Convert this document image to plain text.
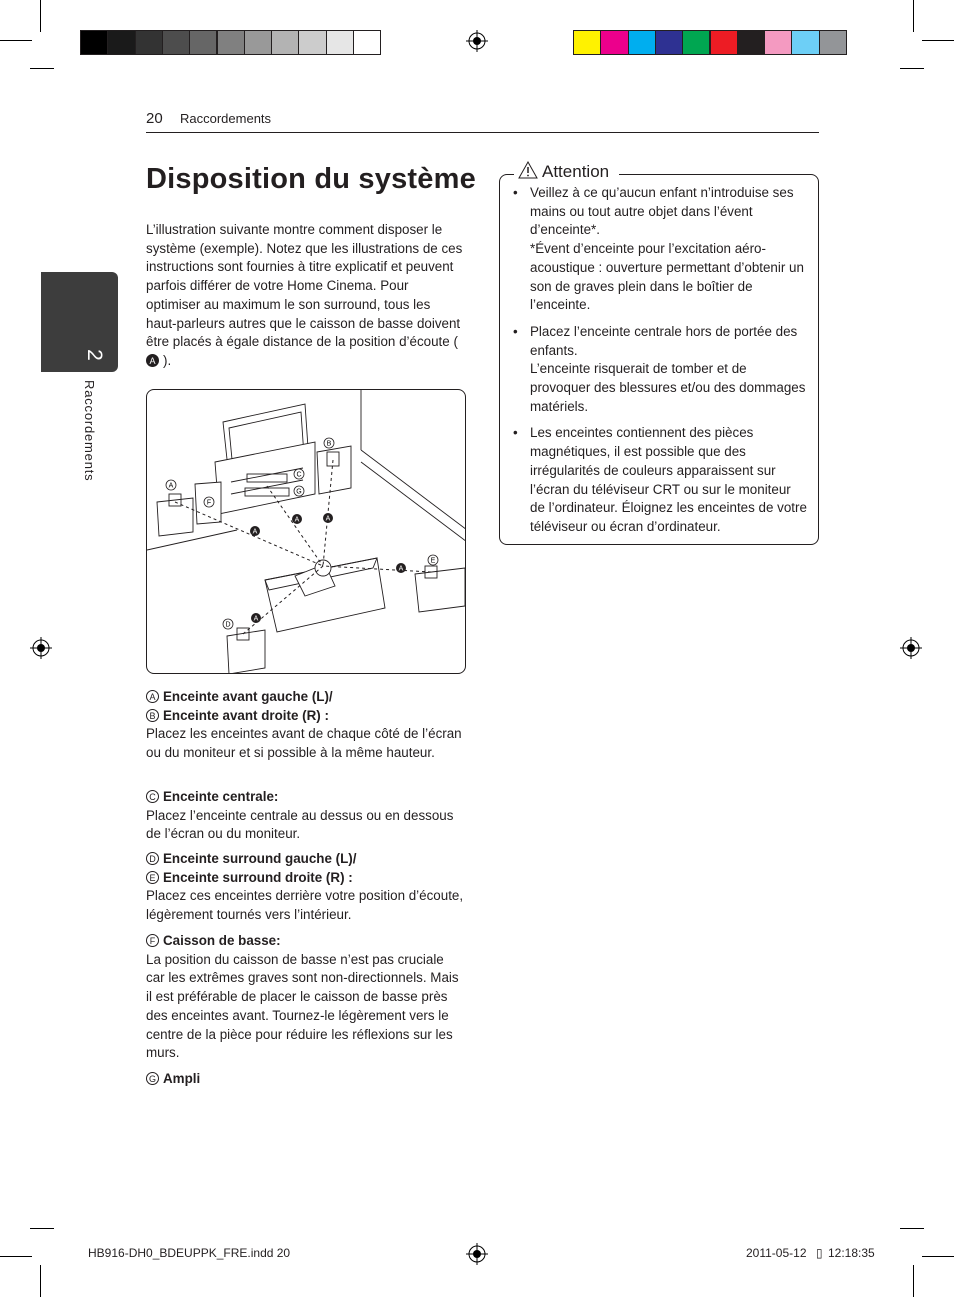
20 Raccordements
2
Raccordements
Disposition du système
L’illustration suivante montre comment disposer le système (exemple). Notez que les illustrations de ces instructions sont fournies à titre explicatif et peuvent parfois différer de votre Home Cinema. Pour optimiser au maximum le son surround, tous les haut-parleurs autres que le caisson de basse doivent être placés à égale distance de la position d’écoute (A ).
A
B
C
G
F
E
D
A
A	A
A
A
A Enceinte avant gauche (L)/
B Enceinte avant droite (R) :
Placez les enceintes avant de chaque côté de l’écran ou du moniteur et si possible à la même hauteur.
C Enceinte centrale:
Placez l’enceinte centrale au dessus ou en dessous de l’écran ou du moniteur.
D Enceinte surround gauche (L)/
E Enceinte surround droite (R) :
Placez ces enceintes derrière votre position d’écoute, légèrement tournés vers l’intérieur.
F Caisson de basse:
La position du caisson de basse n’est pas cruciale car les extrêmes graves sont non-directionnels. Mais il est préférable de placer le caisson de basse près des enceintes avant. Tournez-le légèrement vers le centre de la pièce pour réduire les réflexions sur les murs.
G Ampli
Attention
• Veillez à ce qu’aucun enfant n’introduise ses mains ou tout autre objet dans l’évent d’enceinte*.
*Évent d’enceinte pour l’excitation aéro-acoustique : ouverture permettant d’obtenir un son de graves plein dans le boîtier de l’enceinte.
• Placez l’enceinte centrale hors de portée des enfants.
L’enceinte risquerait de tomber et de provoquer des blessures et/ou des dommages matériels.
• Les enceintes contiennent des pièces magnétiques, il est possible que des irrégularités de couleurs apparaissent sur l’écran du téléviseur CRT ou sur le moniteur de l’ordinateur. Éloignez les enceintes de votre téléviseur ou écran d’ordinateur.
HB916-DH0_BDEUPPK_FRE.indd 20	2011-05-12 ▯ 12:18:35
